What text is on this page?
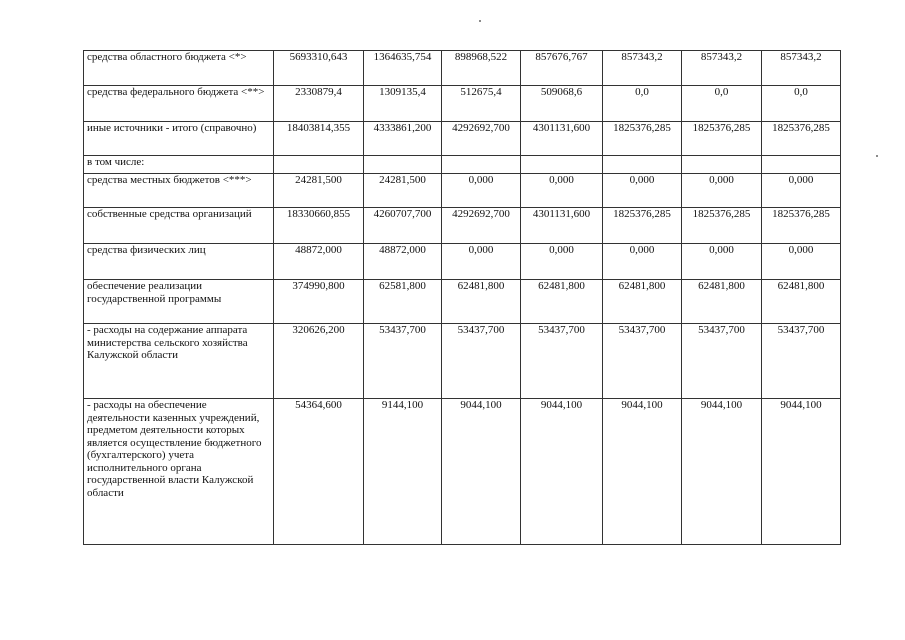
средства областного бюджета <*>	5693310,643	1364635,754	898968,522	857676,767	857343,2	857343,2	857343,2
средства федерального бюджета <**>	2330879,4	1309135,4	512675,4	509068,6	0,0	0,0	0,0
иные источники - итого (справочно)	18403814,355	4333861,200	4292692,700	4301131,600	1825376,285	1825376,285	1825376,285
в том числе:							
средства местных бюджетов <***>	24281,500	24281,500	0,000	0,000	0,000	0,000	0,000
собственные средства организаций	18330660,855	4260707,700	4292692,700	4301131,600	1825376,285	1825376,285	1825376,285
средства физических лиц	48872,000	48872,000	0,000	0,000	0,000	0,000	0,000
обеспечение реализации государственной программы	374990,800	62581,800	62481,800	62481,800	62481,800	62481,800	62481,800
- расходы на содержание аппарата министерства сельского хозяйства Калужской области	320626,200	53437,700	53437,700	53437,700	53437,700	53437,700	53437,700
- расходы на обеспечение деятельности казенных учреждений, предметом деятельности которых является осуществление бюджетного (бухгалтерского) учета исполнительного органа государственной власти Калужской области	54364,600	9144,100	9044,100	9044,100	9044,100	9044,100	9044,100
